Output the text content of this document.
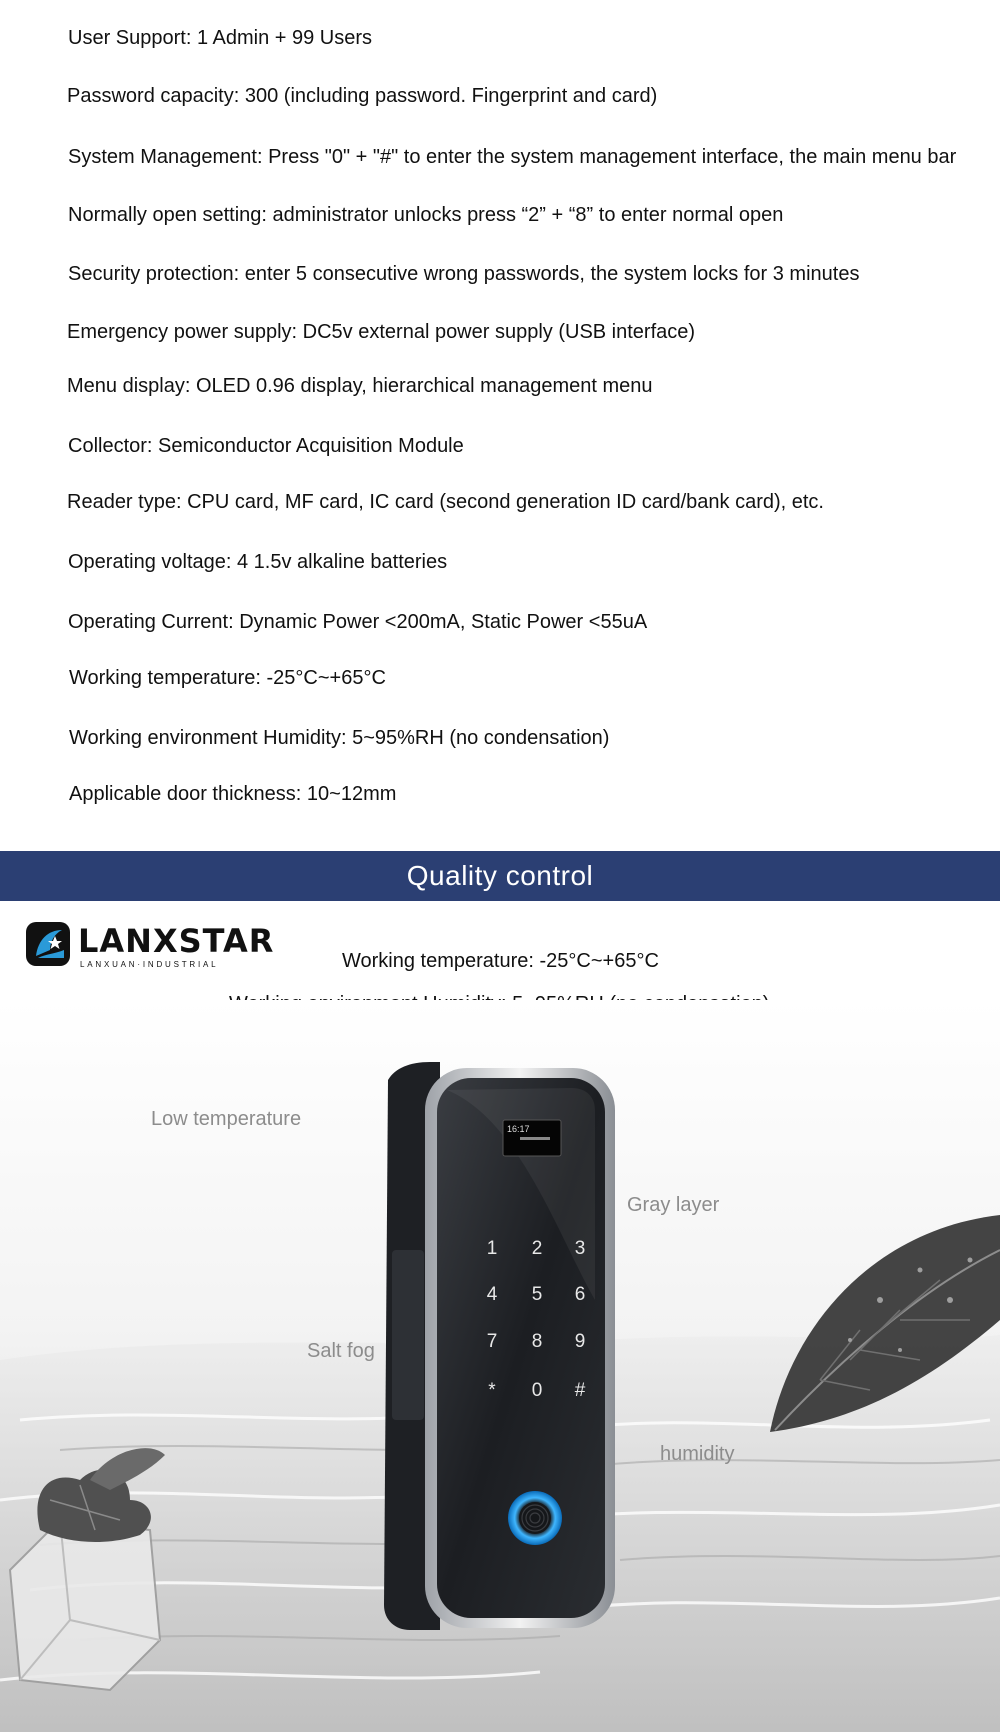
User Support: 1 Admin + 99 Users
Password capacity: 300 (including password. Fingerprint and card)
System Management: Press "0" + "#" to enter the system management interface, the main menu bar
Normally open setting: administrator unlocks press “2” + “8” to enter normal open
Security protection: enter 5 consecutive wrong passwords, the system locks for 3 minutes
Emergency power supply: DC5v external power supply (USB interface)
Menu display: OLED 0.96 display, hierarchical management menu
Collector: Semiconductor Acquisition Module
Reader type: CPU card, MF card, IC card (second generation ID card/bank card), etc.
Operating voltage: 4 1.5v alkaline batteries
Operating Current: Dynamic Power <200mA, Static Power <55uA
Working temperature: -25°C~+65°C
Working environment Humidity: 5~95%RH (no condensation)
Applicable door thickness: 10~12mm
Quality control
LANXSTAR
LANXUAN·INDUSTRIAL	Working temperature: -25°C~+65°C
16:17
1 2 3
4 5 6
7 8 9
* 0 #
Low temperature
Gray layer
Salt fog
humidity
